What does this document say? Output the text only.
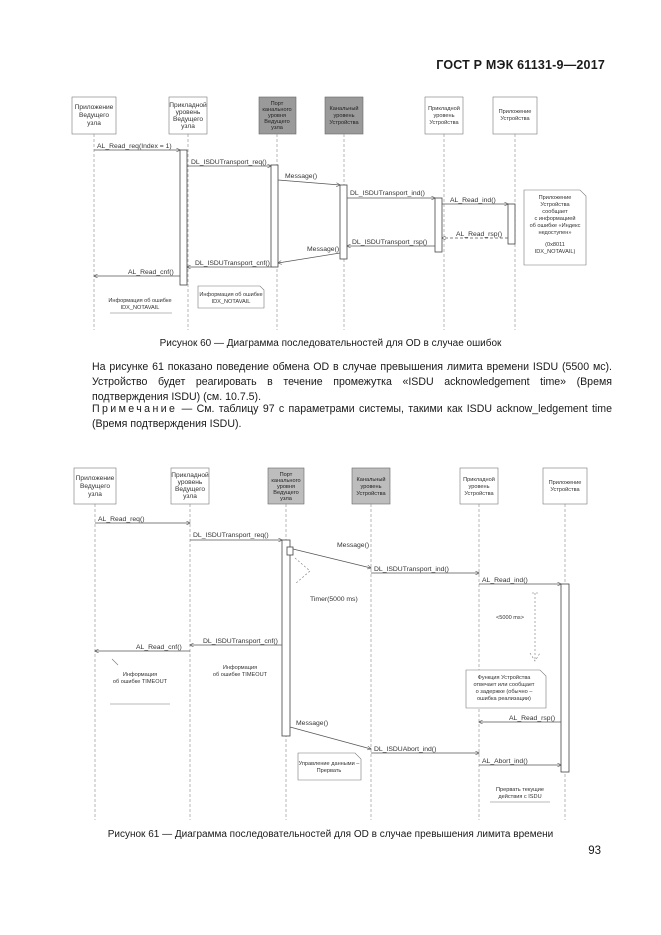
ГОСТ Р МЭК 61131-9—2017
Приложение Ведущего узла
Прикладной уровень Ведущего узла
Порт канального уровня Ведущего узла
Канальный уровень Устройства
Прикладной уровень Устройства
Приложение Устройства
AL_Read_req(Index = 1)
DL_ISDUTransport_req()
Message()
DL_ISDUTransport_ind()
AL_Read_ind()
AL_Read_rsp()
DL_ISDUTransport_rsp()
Message()
DL_ISDUTransport_cnf()
AL_Read_cnf()
Приложение Устройства сообщает с информацией об ошибке «Индекс недоступен» (0x8011 IDX_NOTAVAIL)
Информация об ошибке IDX_NOTAVAIL
Информация об ошибке IDX_NOTAVAIL
Рисунок 60 — Диаграмма последовательностей для OD в случае ошибок

На рисунке 61 показано поведение обмена OD в случае превышения лимита времени ISDU (5500 мс). Устройство будет реагировать в течение промежутка «ISDU acknowledgement time» (Время подтверждения ISDU) (см. 10.7.5).

Примечание — См. таблицу 97 с параметрами системы, такими как ISDU acknow_ledgement time (Время подтверждения ISDU).

Приложение Ведущего узла
Прикладной уровень Ведущего узла
Порт канального уровня Ведущего узла
Канальный уровень Устройства
Прикладной уровень Устройства
Приложение Устройства
AL_Read_req()
DL_ISDUTransport_req()
Message()
DL_ISDUTransport_ind()
AL_Read_ind()
Timer(5000 ms)
<5000 ms>
DL_ISDUTransport_cnf()
AL_Read_cnf()
AL_Read_rsp()
Message()
DL_ISDUAbort_ind()
AL_Abort_ind()
Информация об ошибке TIMEOUT
Информация об ошибке TIMEOUT	Функция Устройства отвечает или сообщает о задержке (обычно – ошибка реализации)
Управление данными – Прервать
Прервать текущие действия с ISDU
Рисунок 61 — Диаграмма последовательностей для OD в случае превышения лимита времени
93
